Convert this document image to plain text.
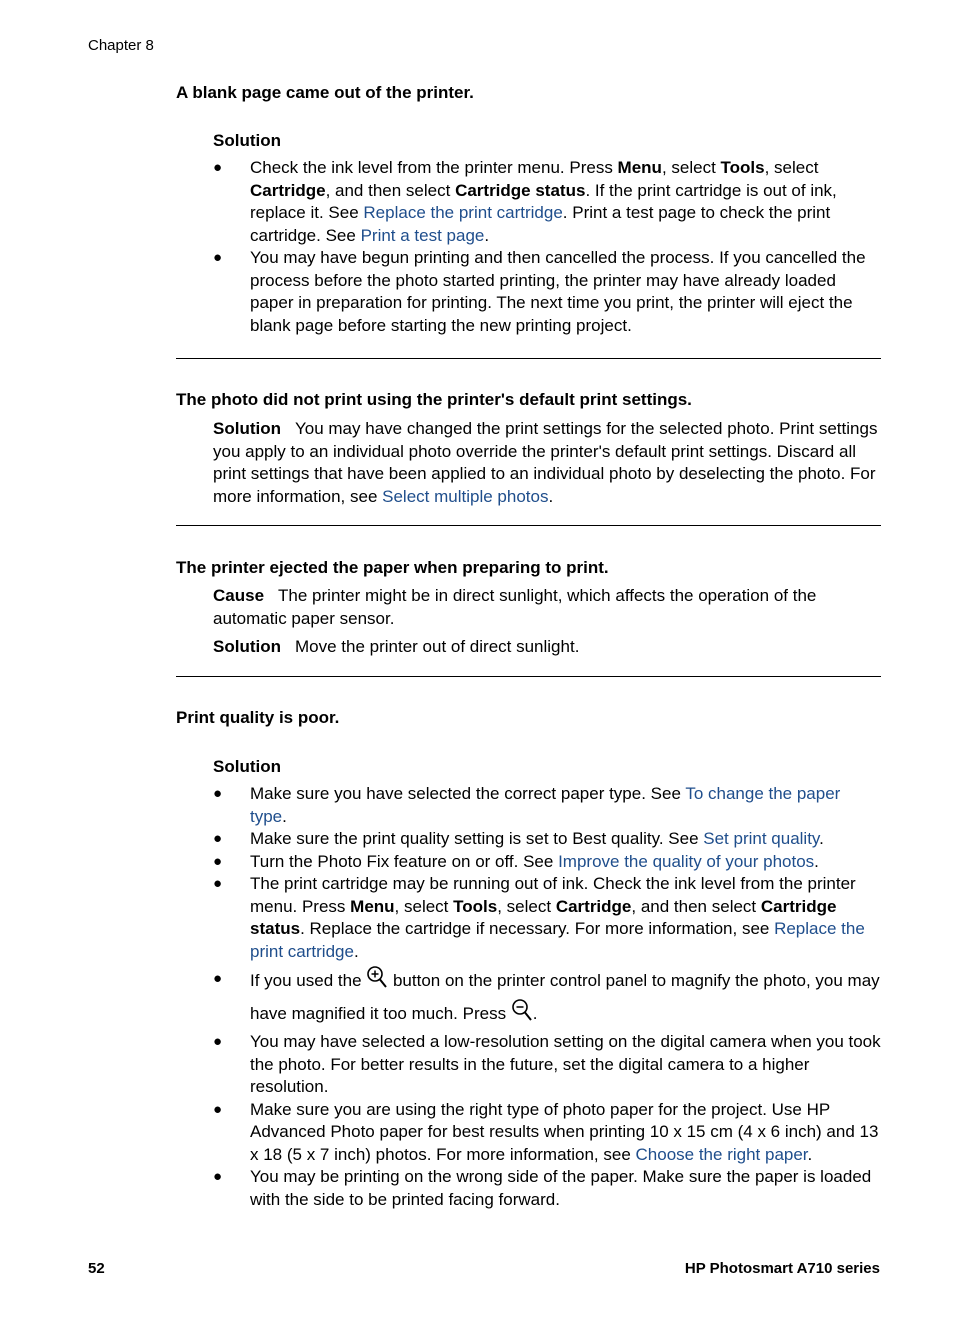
Chapter 8
A blank page came out of the printer.
Solution
● Check the ink level from the printer menu. Press Menu, select Tools, select Cartridge, and then select Cartridge status. If the print cartridge is out of ink, replace it. See Replace the print cartridge. Print a test page to check the print cartridge. See Print a test page.
● You may have begun printing and then cancelled the process. If you cancelled the process before the photo started printing, the printer may have already loaded paper in preparation for printing. The next time you print, the printer will eject the blank page before starting the new printing project.
The photo did not print using the printer's default print settings.
Solution You may have changed the print settings for the selected photo. Print settings you apply to an individual photo override the printer's default print settings. Discard all print settings that have been applied to an individual photo by deselecting the photo. For more information, see Select multiple photos.
The printer ejected the paper when preparing to print.
Cause The printer might be in direct sunlight, which affects the operation of the automatic paper sensor.
Solution Move the printer out of direct sunlight.
Print quality is poor.
Solution
● Make sure you have selected the correct paper type. See To change the paper type.
● Make sure the print quality setting is set to Best quality. See Set print quality.
● Turn the Photo Fix feature on or off. See Improve the quality of your photos.
● The print cartridge may be running out of ink. Check the ink level from the printer menu. Press Menu, select Tools, select Cartridge, and then select Cartridge status. Replace the cartridge if necessary. For more information, see Replace the print cartridge.
● If you used the  button on the printer control panel to magnify the photo, you may have magnified it too much. Press .
● You may have selected a low-resolution setting on the digital camera when you took the photo. For better results in the future, set the digital camera to a higher resolution.
● Make sure you are using the right type of photo paper for the project. Use HP Advanced Photo paper for best results when printing 10 x 15 cm (4 x 6 inch) and 13 x 18 (5 x 7 inch) photos. For more information, see Choose the right paper.
● You may be printing on the wrong side of the paper. Make sure the paper is loaded with the side to be printed facing forward.
52	HP Photosmart A710 series
